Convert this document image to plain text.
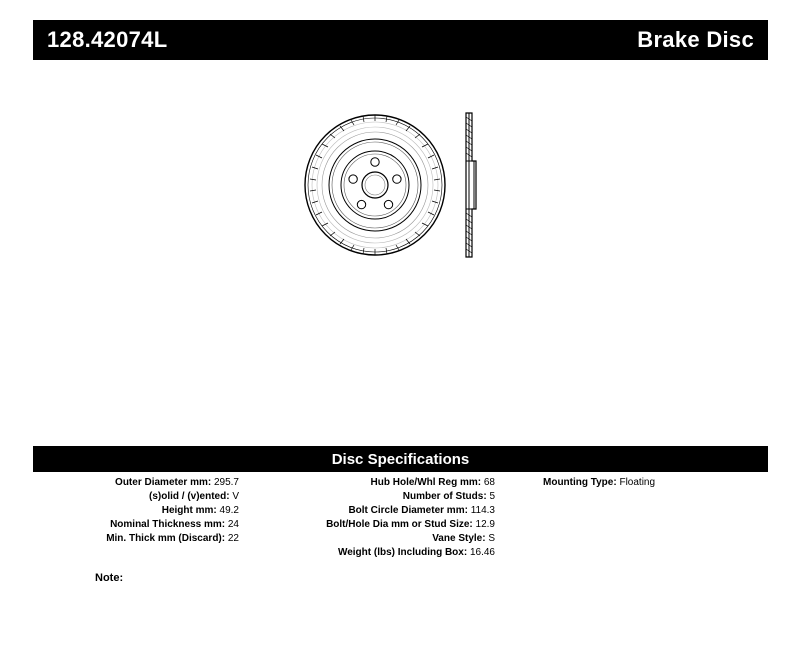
128.42074L	Brake Disc
Disc Specifications
Outer Diameter mm: 295.7
(s)olid / (v)ented: V
Height mm: 49.2
Nominal Thickness mm: 24
Min. Thick mm (Discard): 22
Hub Hole/Whl Reg mm: 68
Number of Studs: 5
Bolt Circle Diameter mm: 114.3
Bolt/Hole Dia mm or Stud Size: 12.9
Vane Style: S
Weight (lbs) Including Box: 16.46
Mounting Type: Floating
Note:
